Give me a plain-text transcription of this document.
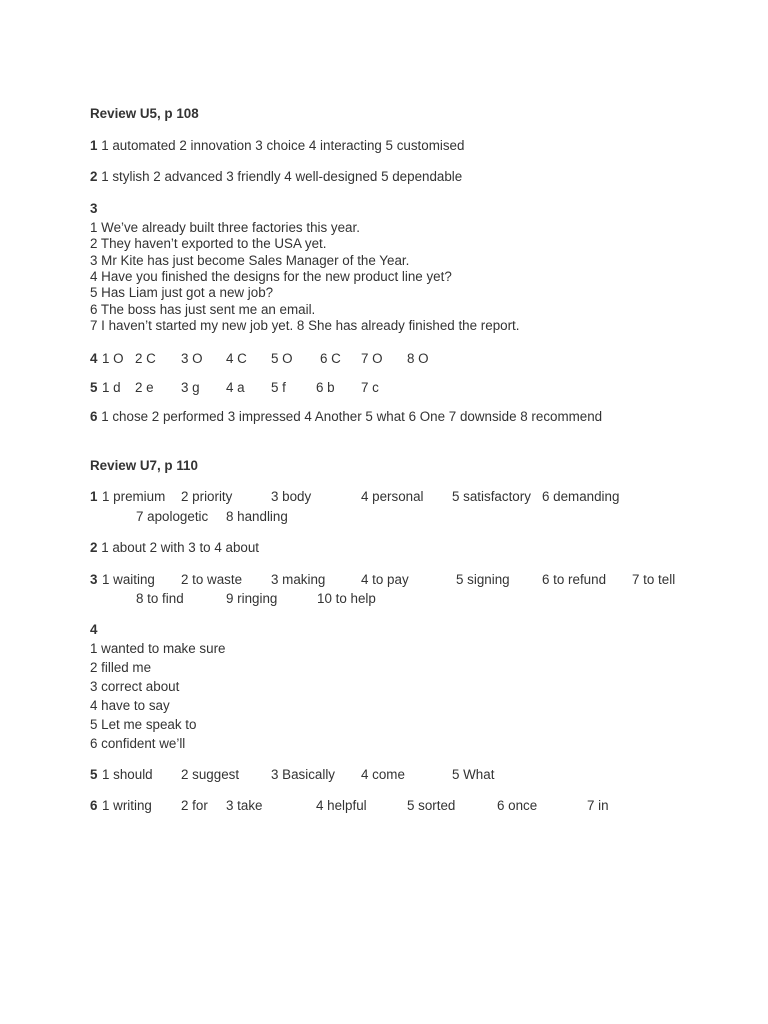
Review U5, p 108
1 1 automated 2 innovation 3 choice 4 interacting 5 customised
2 1 stylish 2 advanced 3 friendly 4 well-designed 5 dependable
3
1 We’ve already built three factories this year.
2 They haven’t exported to the USA yet.
3 Mr Kite has just become Sales Manager of the Year.
4 Have you finished the designs for the new product line yet?
5 Has Liam just got a new job?
6 The boss has just sent me an email.
7 I haven’t started my new job yet. 8 She has already finished the report.
4 1 O 2 C 3 O 4 C 5 O 6 C 7 O 8 O
5 1 d 2 e 3 g 4 a 5 f 6 b 7 c
6 1 chose 2 performed 3 impressed 4 Another 5 what 6 One 7 downside 8 recommend
Review U7, p 110
1 1 premium 2 priority	3 body	4 personal 5 satisfactory 6 demanding
7 apologetic 8 handling
2 1 about 2 with 3 to 4 about
3 1 waiting 2 to waste 3 making	4 to pay	5 signing 6 to refund 7 to tell
8 to find	9 ringing	10 to help
4
1 wanted to make sure
2 filled me
3 correct about
4 have to say
5 Let me speak to
6 confident we’ll
5 1 should 2 suggest 3 Basically 4 come	5 What
6 1 writing 2 for 3 take	4 helpful	5 sorted	6 once	7 in
